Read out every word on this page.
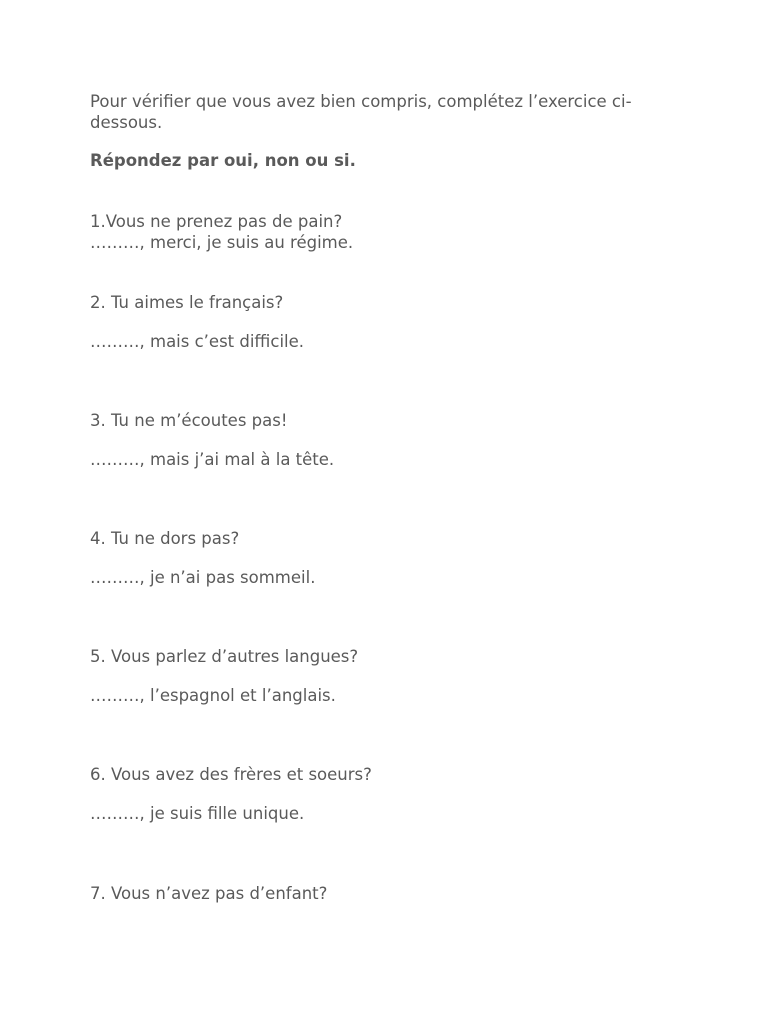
Pour vérifier que vous avez bien compris, complétez l’exercice ci-dessous.

Répondez par oui, non ou si.

1.Vous ne prenez pas de pain?
………, merci, je suis au régime.
2. Tu aimes le français?
………, mais c’est difficile.
3. Tu ne m’écoutes pas!
………, mais j’ai mal à la tête.
4. Tu ne dors pas?
………, je n’ai pas sommeil.
5. Vous parlez d’autres langues?
………, l’espagnol et l’anglais.
6. Vous avez des frères et soeurs?
………, je suis fille unique.
7. Vous n’avez pas d’enfant?
